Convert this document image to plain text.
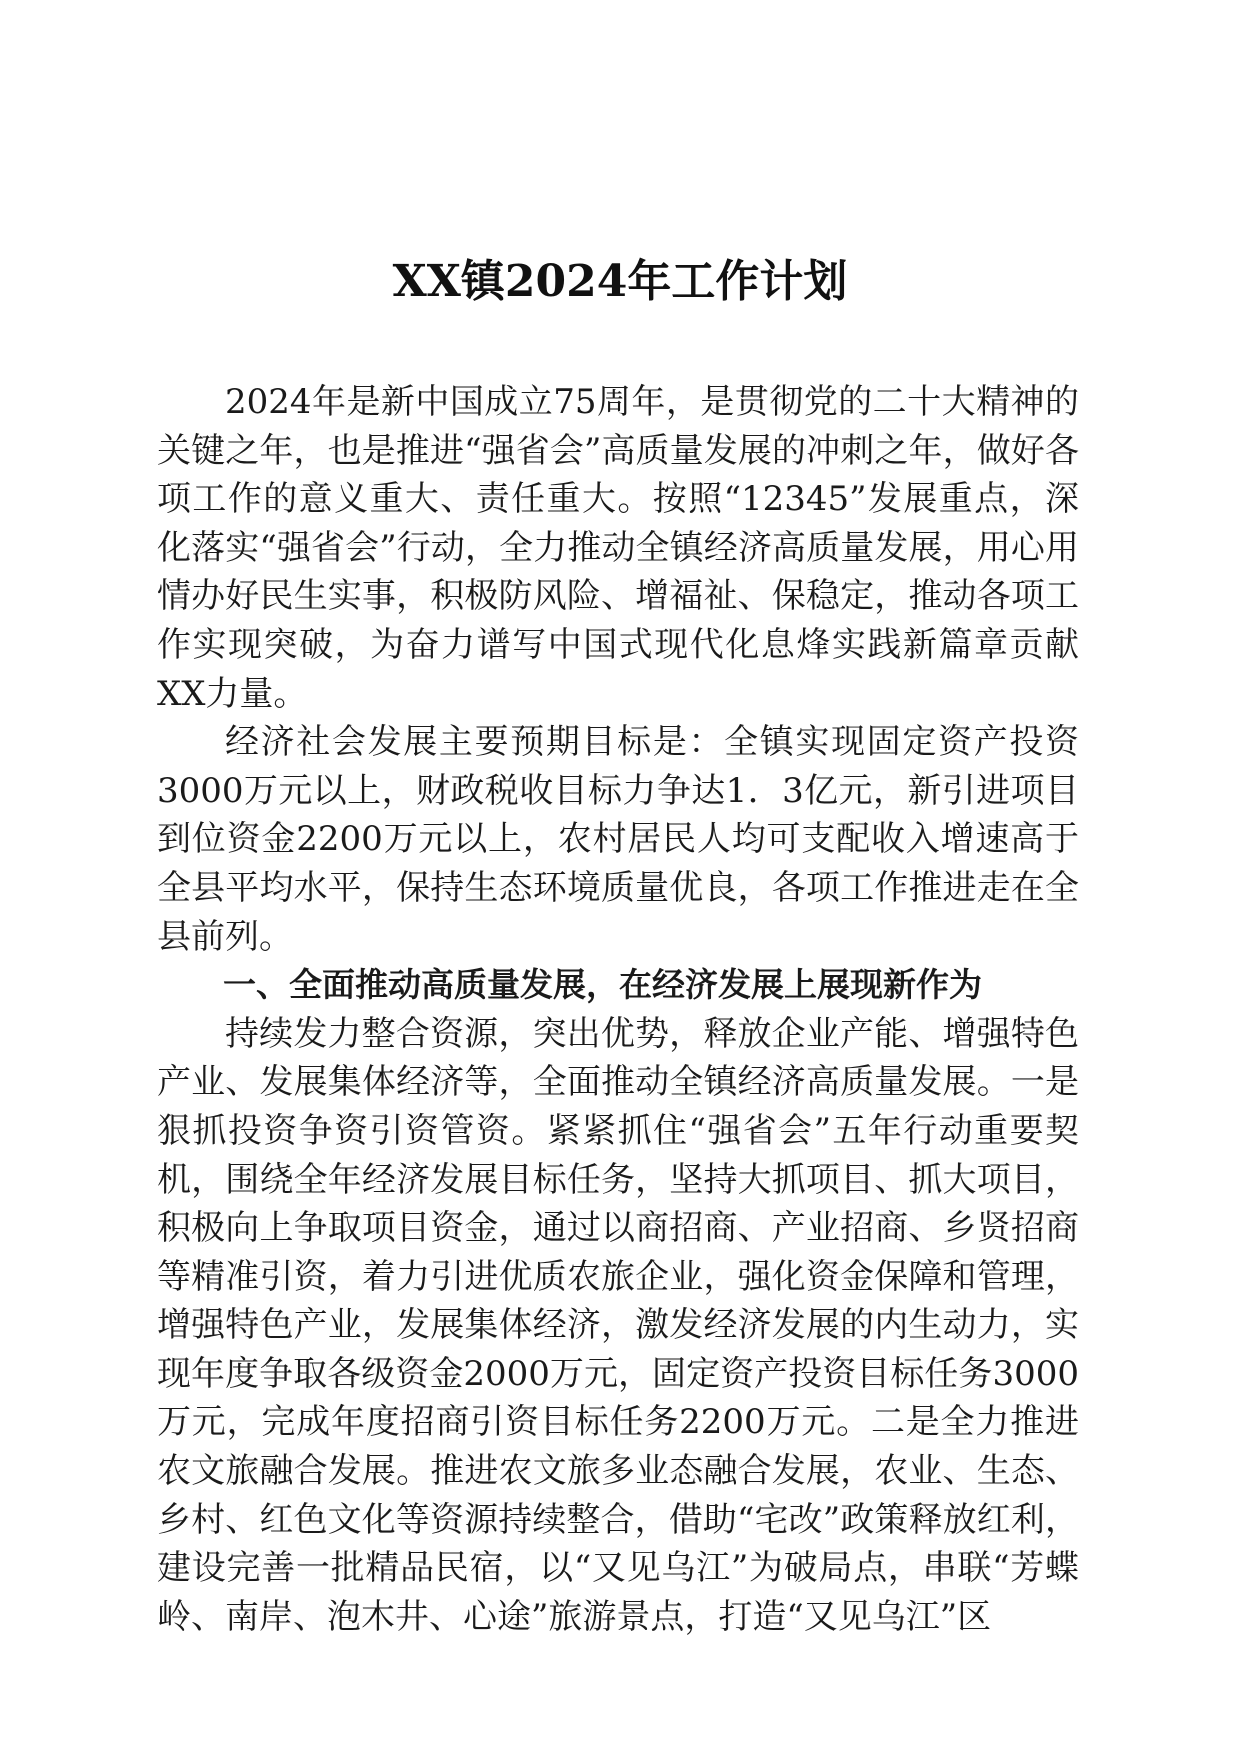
XX镇2024年工作计划

2024年是新中国成立75周年，是贯彻党的二十大精神的关键之年，也是推进“强省会”高质量发展的冲刺之年，做好各项工作的意义重大、责任重大。按照“12345”发展重点，深化落实“强省会”行动，全力推动全镇经济高质量发展，用心用情办好民生实事，积极防风险、增福祉、保稳定，推动各项工作实现突破，为奋力谱写中国式现代化息烽实践新篇章贡献XX力量。

经济社会发展主要预期目标是：全镇实现固定资产投资3000万元以上，财政税收目标力争达1．3亿元，新引进项目到位资金2200万元以上，农村居民人均可支配收入增速高于全县平均水平，保持生态环境质量优良，各项工作推进走在全县前列。

一、全面推动高质量发展，在经济发展上展现新作为

持续发力整合资源，突出优势，释放企业产能、增强特色产业、发展集体经济等，全面推动全镇经济高质量发展。一是狠抓投资争资引资管资。紧紧抓住“强省会”五年行动重要契机，围绕全年经济发展目标任务，坚持大抓项目、抓大项目，积极向上争取项目资金，通过以商招商、产业招商、乡贤招商等精准引资，着力引进优质农旅企业，强化资金保障和管理，增强特色产业，发展集体经济，激发经济发展的内生动力，实现年度争取各级资金2000万元，固定资产投资目标任务3000万元，完成年度招商引资目标任务2200万元。二是全力推进农文旅融合发展。推进农文旅多业态融合发展，农业、生态、乡村、红色文化等资源持续整合，借助“宅改”政策释放红利，建设完善一批精品民宿，以“又见乌江”为破局点，串联“芳蝶岭、南岸、泡木井、心途”旅游景点，打造“又见乌江”区
